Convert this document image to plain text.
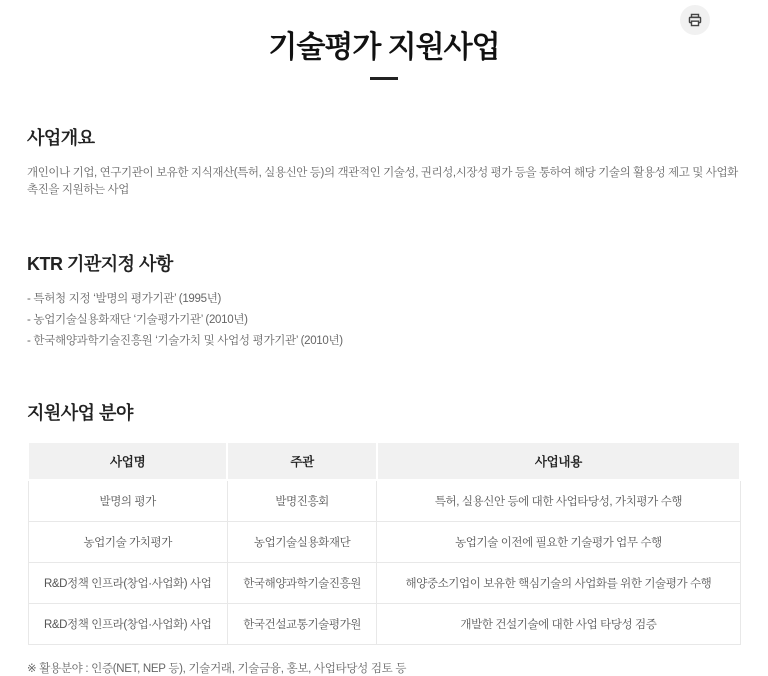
기술평가 지원사업
사업개요

개인이나 기업, 연구기관이 보유한 지식재산(특허, 실용신안 등)의 객관적인 기술성, 권리성,시장성 평가 등을 통하여 해당 기술의 활용성 제고 및 사업화 촉진을 지원하는 사업

KTR 기관지정 사항
- 특허청 지정 ‘발명의 평가기관’ (1995년)
- 농업기술실용화재단 ‘기술평가기관’ (2010년)
- 한국해양과학기술진흥원 ‘기술가치 및 사업성 평가기관’ (2010년)
지원사업 분야
사업명	주관	사업내용
발명의 평가	발명진흥회	특허, 실용신안 등에 대한 사업타당성, 가치평가 수행
농업기술 가치평가	농업기술실용화재단	농업기술 이전에 필요한 기술평가 업무 수행
R&D정책 인프라(창업·사업화) 사업	한국해양과학기술진흥원	해양중소기업이 보유한 핵심기술의 사업화를 위한 기술평가 수행
R&D정책 인프라(창업·사업화) 사업	한국건설교통기술평가원	개발한 건설기술에 대한 사업 타당성 검증

※ 활용분야 : 인증(NET, NEP 등), 기술거래, 기술금융, 홍보, 사업타당성 검토 등
